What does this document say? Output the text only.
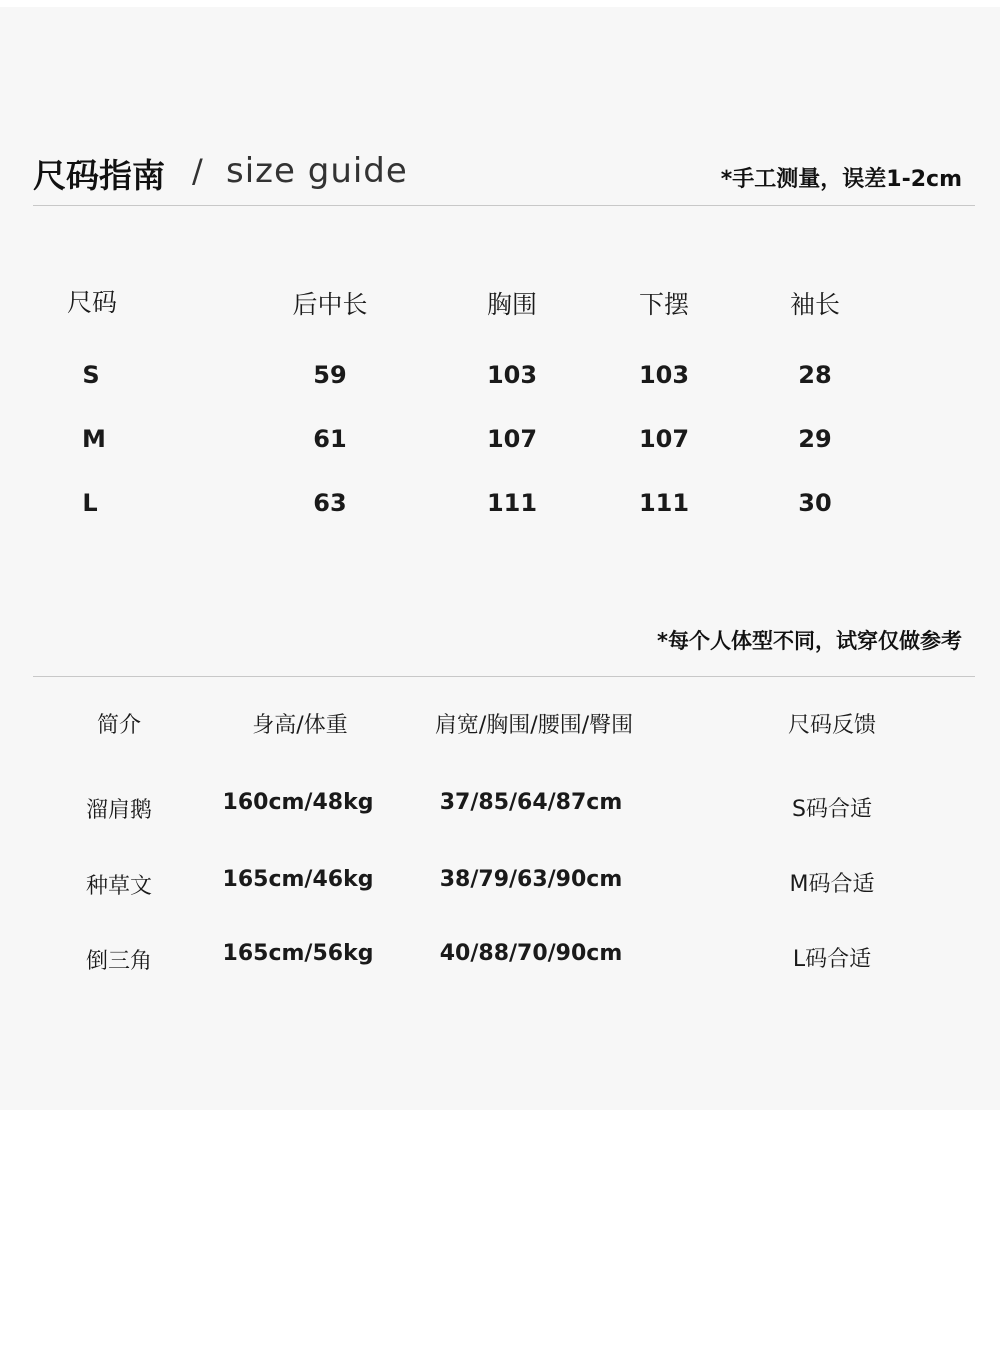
尺码指南 / size guide	*手工测量，误差1-2cm
尺码	后中长	胸围	下摆	袖长
S	59	103	103	28
M	61	107	107	29
L	63	111	111	30
*每个人体型不同，试穿仅做参考
简介	身高/体重	肩宽/胸围/腰围/臀围	尺码反馈
溜肩鹅	160cm/48kg	37/85/64/87cm	S码合适
种草文	165cm/46kg	38/79/63/90cm	M码合适
倒三角	165cm/56kg	40/88/70/90cm	L码合适
